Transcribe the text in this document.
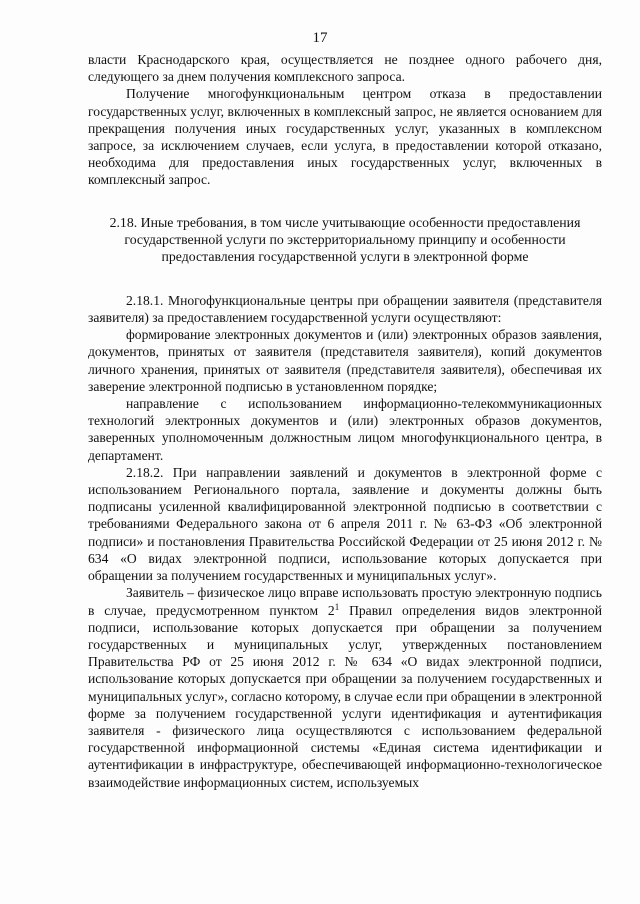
17

власти Краснодарского края, осуществляется не позднее одного рабочего дня, следующего за днем получения комплексного запроса.

Получение многофункциональным центром отказа в предоставлении государственных услуг, включенных в комплексный запрос, не является основанием для прекращения получения иных государственных услуг, указанных в комплексном запросе, за исключением случаев, если услуга, в предоставлении которой отказано, необходима для предоставления иных государственных услуг, включенных в комплексный запрос.

2.18. Иные требования, в том числе учитывающие особенности предоставления государственной услуги по экстерриториальному принципу и особенности предоставления государственной услуги в электронной форме

2.18.1. Многофункциональные центры при обращении заявителя (представителя заявителя) за предоставлением государственной услуги осуществляют:

формирование электронных документов и (или) электронных образов заявления, документов, принятых от заявителя (представителя заявителя), копий документов личного хранения, принятых от заявителя (представителя заявителя), обеспечивая их заверение электронной подписью в установленном порядке;

направление с использованием информационно-телекоммуникационных технологий электронных документов и (или) электронных образов документов, заверенных уполномоченным должностным лицом многофункционального центра, в департамент.

2.18.2. При направлении заявлений и документов в электронной форме с использованием Регионального портала, заявление и документы должны быть подписаны усиленной квалифицированной электронной подписью в соответствии с требованиями Федерального закона от 6 апреля 2011 г. № 63-ФЗ «Об электронной подписи» и постановления Правительства Российской Федерации от 25 июня 2012 г. № 634 «О видах электронной подписи, использование которых допускается при обращении за получением государственных и муниципальных услуг».

Заявитель – физическое лицо вправе использовать простую электронную подпись в случае, предусмотренном пунктом $2^1$ Правил определения видов электронной подписи, использование которых допускается при обращении за получением государственных и муниципальных услуг, утвержденных постановлением Правительства РФ от 25 июня 2012 г. № 634 «О видах электронной подписи, использование которых допускается при обращении за получением государственных и муниципальных услуг», согласно которому, в случае если при обращении в электронной форме за получением государственной услуги идентификация и аутентификация заявителя - физического лица осуществляются с использованием федеральной государственной информационной системы «Единая система идентификации и аутентификации в инфраструктуре, обеспечивающей информационно-технологическое взаимодействие информационных систем, используемых
